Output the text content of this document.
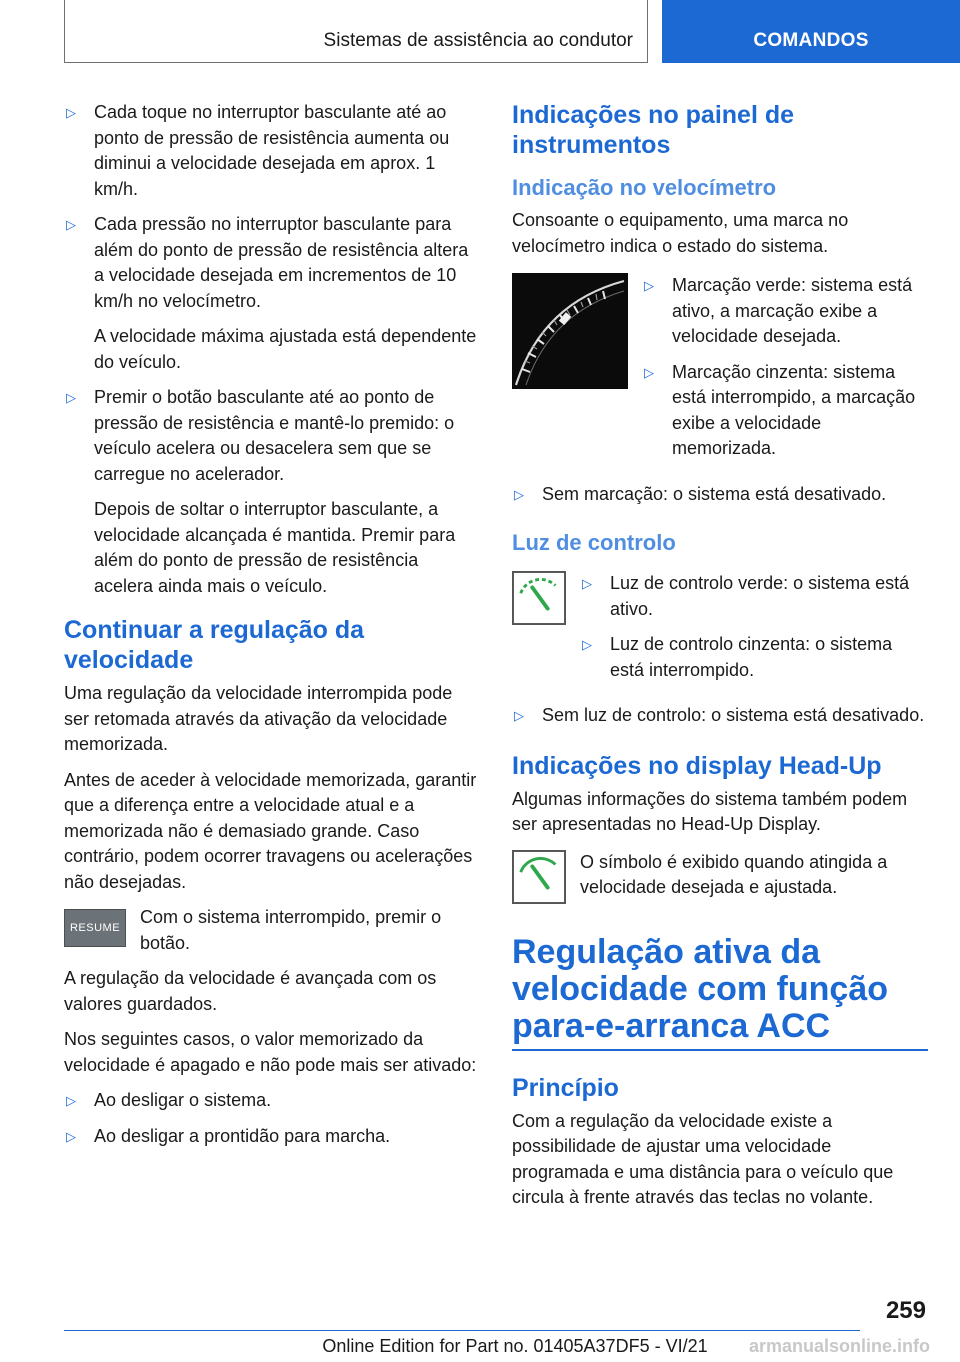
Sistemas de assistência ao condutor	COMANDOS
▷ Cada toque no interruptor basculante até ao ponto de pressão de resistência aumenta ou diminui a velocidade desejada em aprox. 1 km/h.
▷ Cada pressão no interruptor basculante para além do ponto de pressão de resistência altera a velocidade desejada em incrementos de 10 km/h no velocímetro.
A velocidade máxima ajustada está dependente do veículo.
▷ Premir o botão basculante até ao ponto de pressão de resistência e mantê-lo premido: o veículo acelera ou desacelera sem que se carregue no acelerador.
Depois de soltar o interruptor basculante, a velocidade alcançada é mantida. Premir para além do ponto de pressão de resistência acelera ainda mais o veículo.
Continuar a regulação da velocidade

Uma regulação da velocidade interrompida pode ser retomada através da ativação da velocidade memorizada.

Antes de aceder à velocidade memorizada, garantir que a diferença entre a velocidade atual e a memorizada não é demasiado grande. Caso contrário, podem ocorrer travagens ou acelerações não desejadas.

RESUME
Com o sistema interrompido, premir o botão.

A regulação da velocidade é avançada com os valores guardados.

Nos seguintes casos, o valor memorizado da velocidade é apagado e não pode mais ser ativado:

▷ Ao desligar o sistema.
▷ Ao desligar a prontidão para marcha.
Indicações no painel de instrumentos
Indicação no velocímetro

Consoante o equipamento, uma marca no velocímetro indica o estado do sistema.

▷ Marcação verde: sistema está ativo, a marcação exibe a velocidade desejada.
▷ Marcação cinzenta: sistema está interrompido, a marcação exibe a velocidade memorizada.
▷ Sem marcação: o sistema está desativado.
Luz de controlo
▷ Luz de controlo verde: o sistema está ativo.
▷ Luz de controlo cinzenta: o sistema está interrompido.
▷ Sem luz de controlo: o sistema está desativado.
Indicações no display Head-Up

Algumas informações do sistema também podem ser apresentadas no Head-Up Display.

O símbolo é exibido quando atingida a velocidade desejada e ajustada.
Regulação ativa da velocidade com função para-e-arranca ACC
Princípio

Com a regulação da velocidade existe a possibilidade de ajustar uma velocidade programada e uma distância para o veículo que circula à frente através das teclas no volante.

259
Online Edition for Part no. 01405A37DF5 - VI/21	armanualsonline.info
